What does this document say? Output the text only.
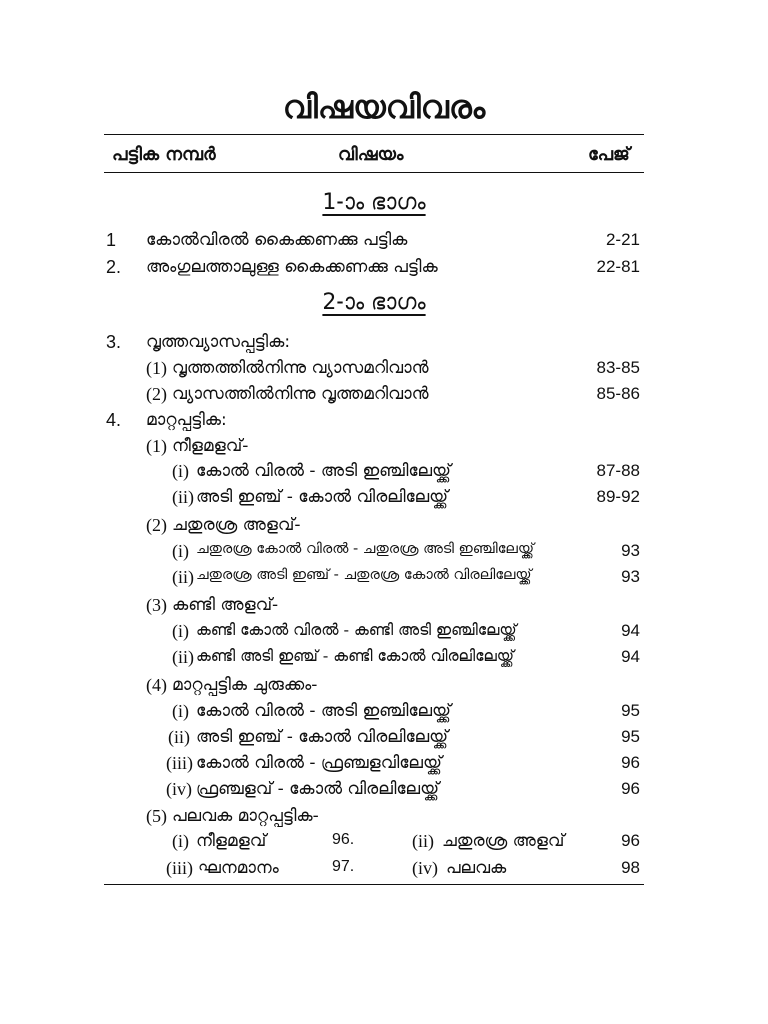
വിഷയവിവരം
പട്ടിക നമ്പർ	വിഷയം	പേജ്
1-ാം ഭാഗം
1 കോൽവിരൽ കൈക്കണക്കു പട്ടിക	2-21
2. അംഗുലത്താലുള്ള കൈക്കണക്കു പട്ടിക	22-81
2-ാം ഭാഗം
3. വൃത്തവ്യാസപ്പട്ടിക:
(1) വൃത്തത്തിൽനിന്നു വ്യാസമറിവാൻ	83-85
(2) വ്യാസത്തിൽനിന്നു വൃത്തമറിവാൻ	85-86
4. മാറ്റപ്പട്ടിക:
(1) നീളമളവ്-
(i) കോൽ വിരൽ - അടി ഇഞ്ചിലേയ്ക്ക്	87-88
(ii) അടി ഇഞ്ച് - കോൽ വിരലിലേയ്ക്ക്	89-92
(2) ചതുരശ്ര അളവ്-
(i) ചതുരശ്ര കോൽ വിരൽ - ചതുരശ്ര അടി ഇഞ്ചിലേയ്ക്ക്	93
(ii) ചതുരശ്ര അടി ഇഞ്ച് - ചതുരശ്ര കോൽ വിരലിലേയ്ക്ക്	93
(3) കണ്ടി അളവ്-
(i) കണ്ടി കോൽ വിരൽ - കണ്ടി അടി ഇഞ്ചിലേയ്ക്ക്	94
(ii) കണ്ടി അടി ഇഞ്ച് - കണ്ടി കോൽ വിരലിലേയ്ക്ക്	94
(4) മാറ്റപ്പട്ടിക ചുരുക്കം-
(i) കോൽ വിരൽ - അടി ഇഞ്ചിലേയ്ക്ക്	95
(ii) അടി ഇഞ്ച് - കോൽ വിരലിലേയ്ക്ക്	95
(iii) കോൽ വിരൽ - ഫ്രഞ്ചളവിലേയ്ക്ക്	96
(iv) ഫ്രഞ്ചളവ് - കോൽ വിരലിലേയ്ക്ക്	96
(5) പലവക മാറ്റപ്പട്ടിക-
(i) നീളമളവ്	96.	(ii) ചതുരശ്ര അളവ്	96
(iii) ഘനമാനം	97.	(iv) പലവക	98
